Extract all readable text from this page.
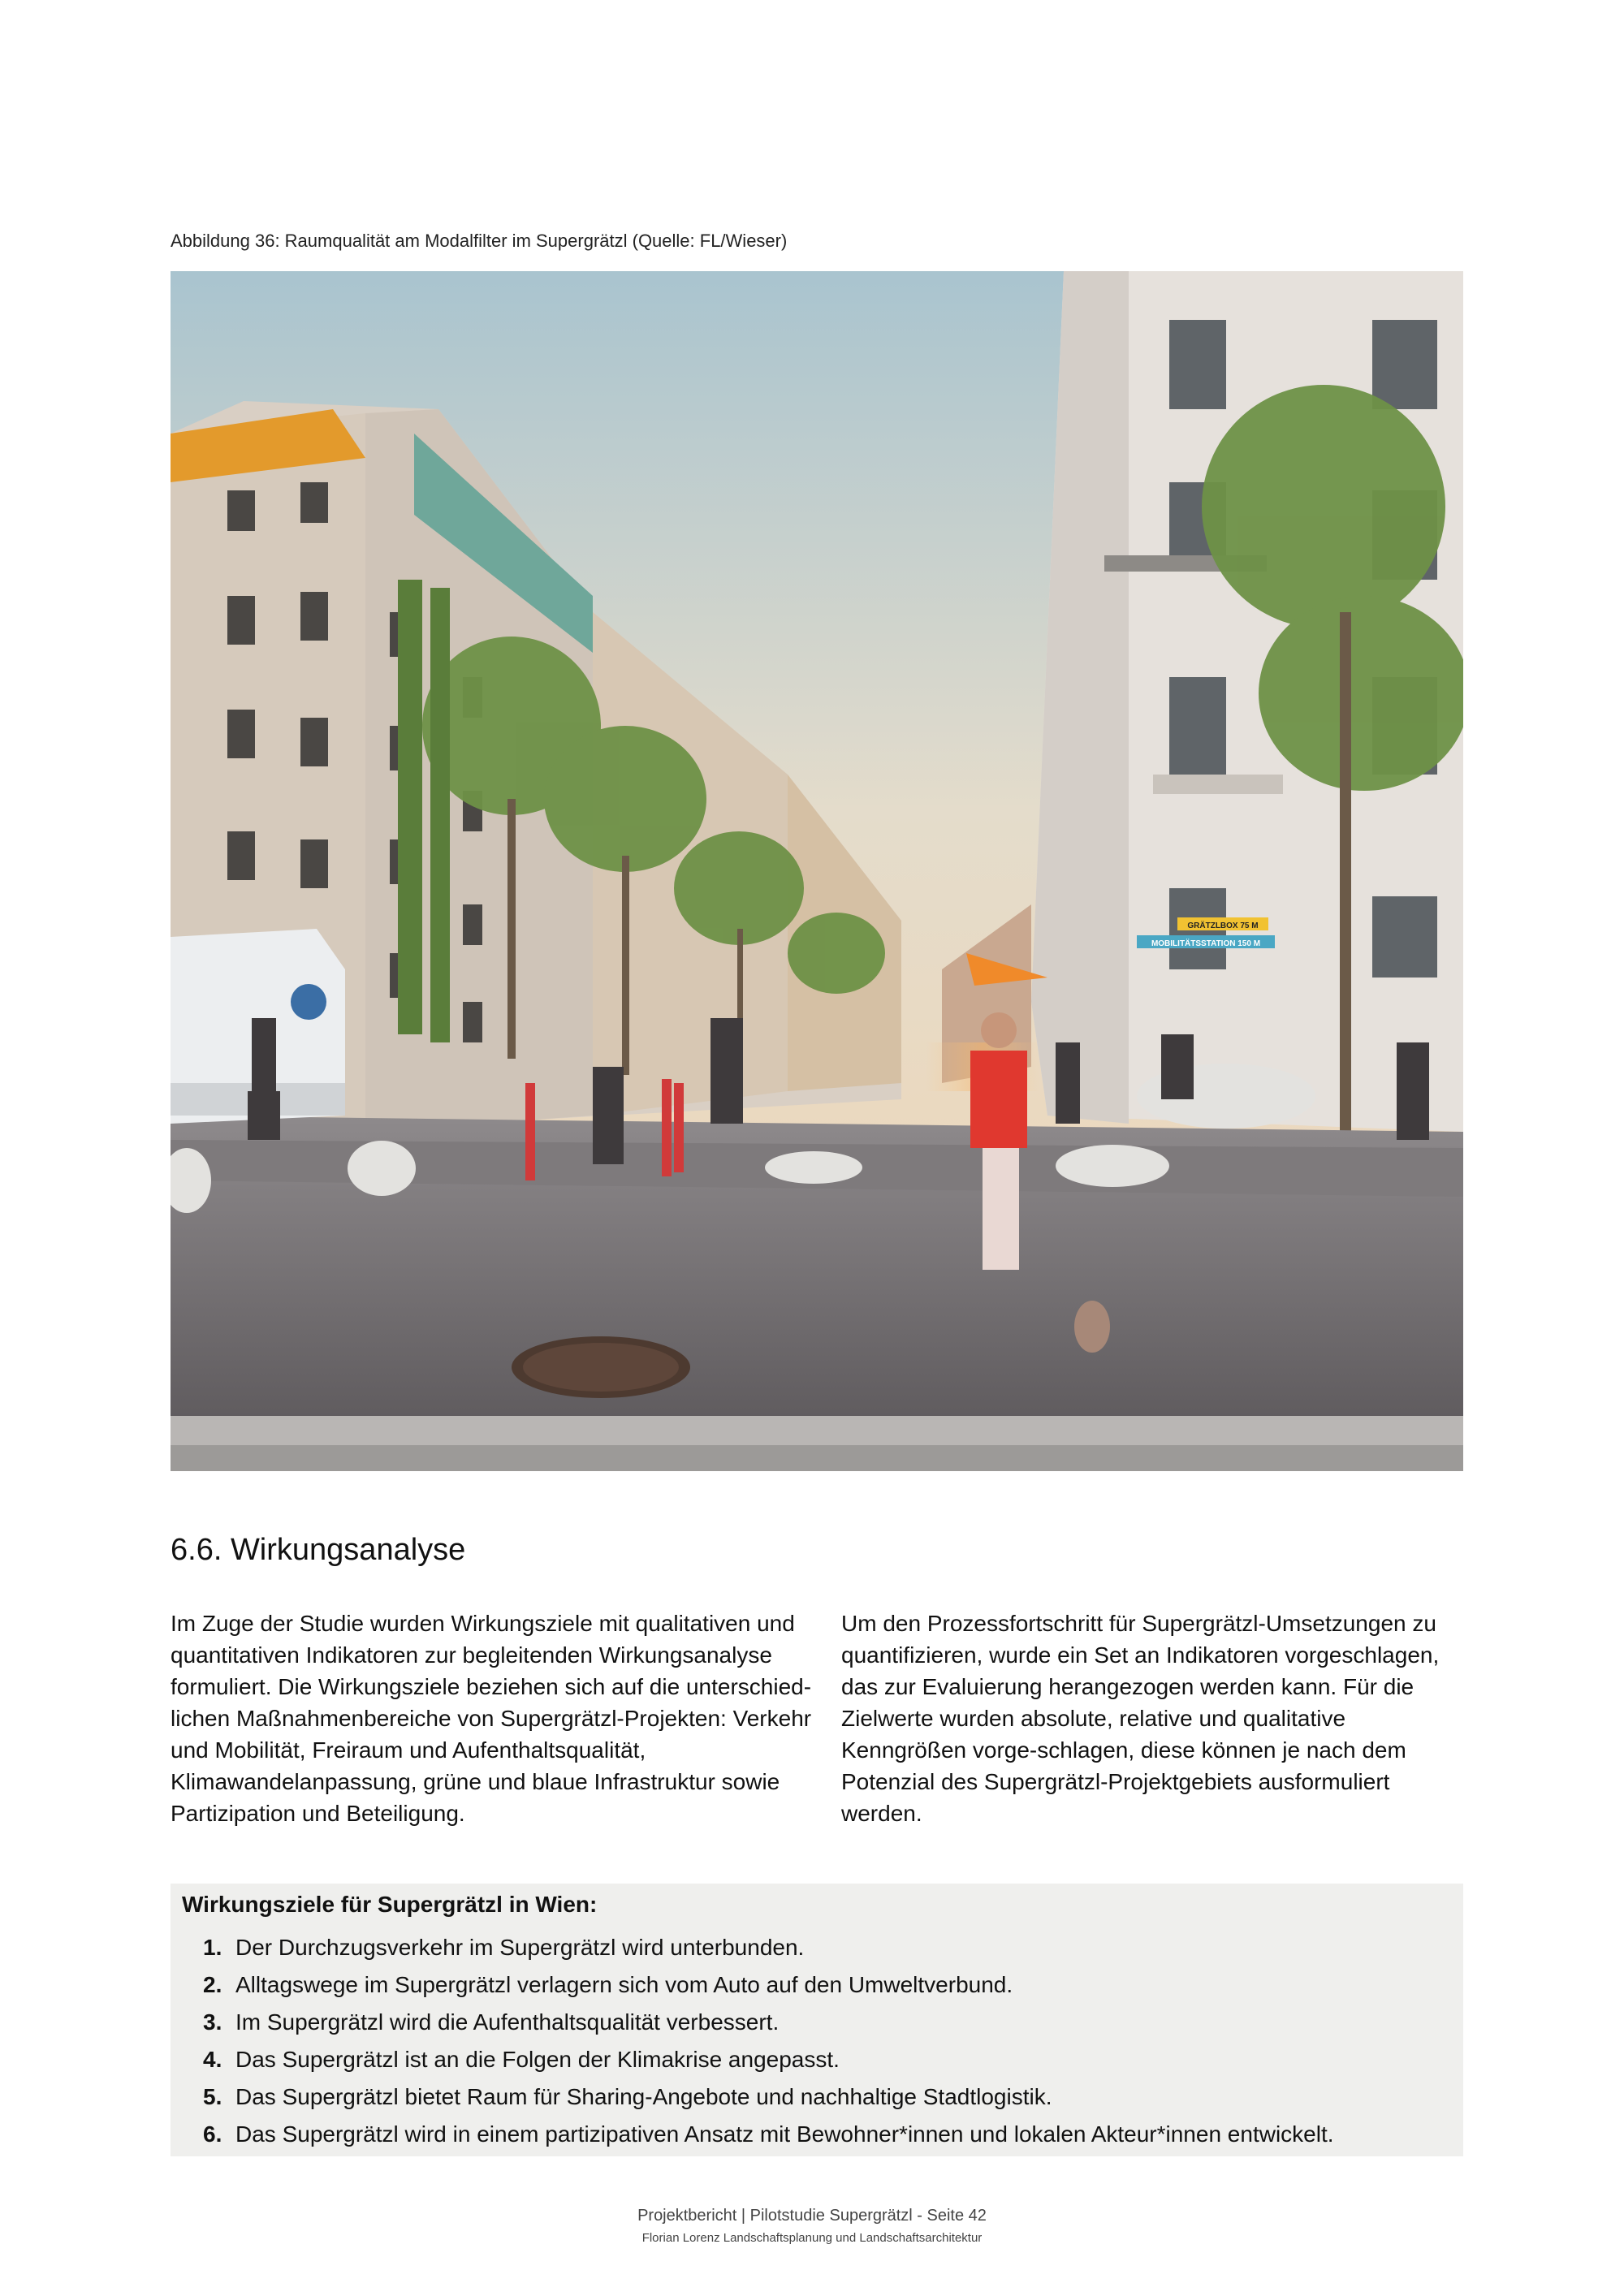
Abbildung 36: Raumqualität am Modalfilter im Supergrätzl (Quelle: FL/Wieser)
GRÄTZLBOX 75 M
MOBILITÄTSSTATION 150 M
6.6. Wirkungsanalyse

Im Zuge der Studie wurden Wirkungsziele mit qualitativen und quantitativen Indikatoren zur begleitenden Wirkungsanalyse formuliert. Die Wirkungsziele beziehen sich auf die unterschied-lichen Maßnahmenbereiche von Supergrätzl-Projekten: Verkehr und Mobilität, Freiraum und Aufenthaltsqualität, Klimawandelanpassung, grüne und blaue Infrastruktur sowie Partizipation und Beteiligung.

Um den Prozessfortschritt für Supergrätzl-Umsetzungen zu quantifizieren, wurde ein Set an Indikatoren vorgeschlagen, das zur Evaluierung herangezogen werden kann. Für die Zielwerte wurden absolute, relative und qualitative Kenngrößen vorge-schlagen, diese können je nach dem Potenzial des Supergrätzl-Projektgebiets ausformuliert werden.

Wirkungsziele für Supergrätzl in Wien:
1. Der Durchzugsverkehr im Supergrätzl wird unterbunden.
2. Alltagswege im Supergrätzl verlagern sich vom Auto auf den Umweltverbund.
3. Im Supergrätzl wird die Aufenthaltsqualität verbessert.
4. Das Supergrätzl ist an die Folgen der Klimakrise angepasst.
5. Das Supergrätzl bietet Raum für Sharing-Angebote und nachhaltige Stadtlogistik.
6. Das Supergrätzl wird in einem partizipativen Ansatz mit Bewohner*innen und lokalen Akteur*innen entwickelt.
Projektbericht | Pilotstudie Supergrätzl - Seite 42
Florian Lorenz Landschaftsplanung und Landschaftsarchitektur
